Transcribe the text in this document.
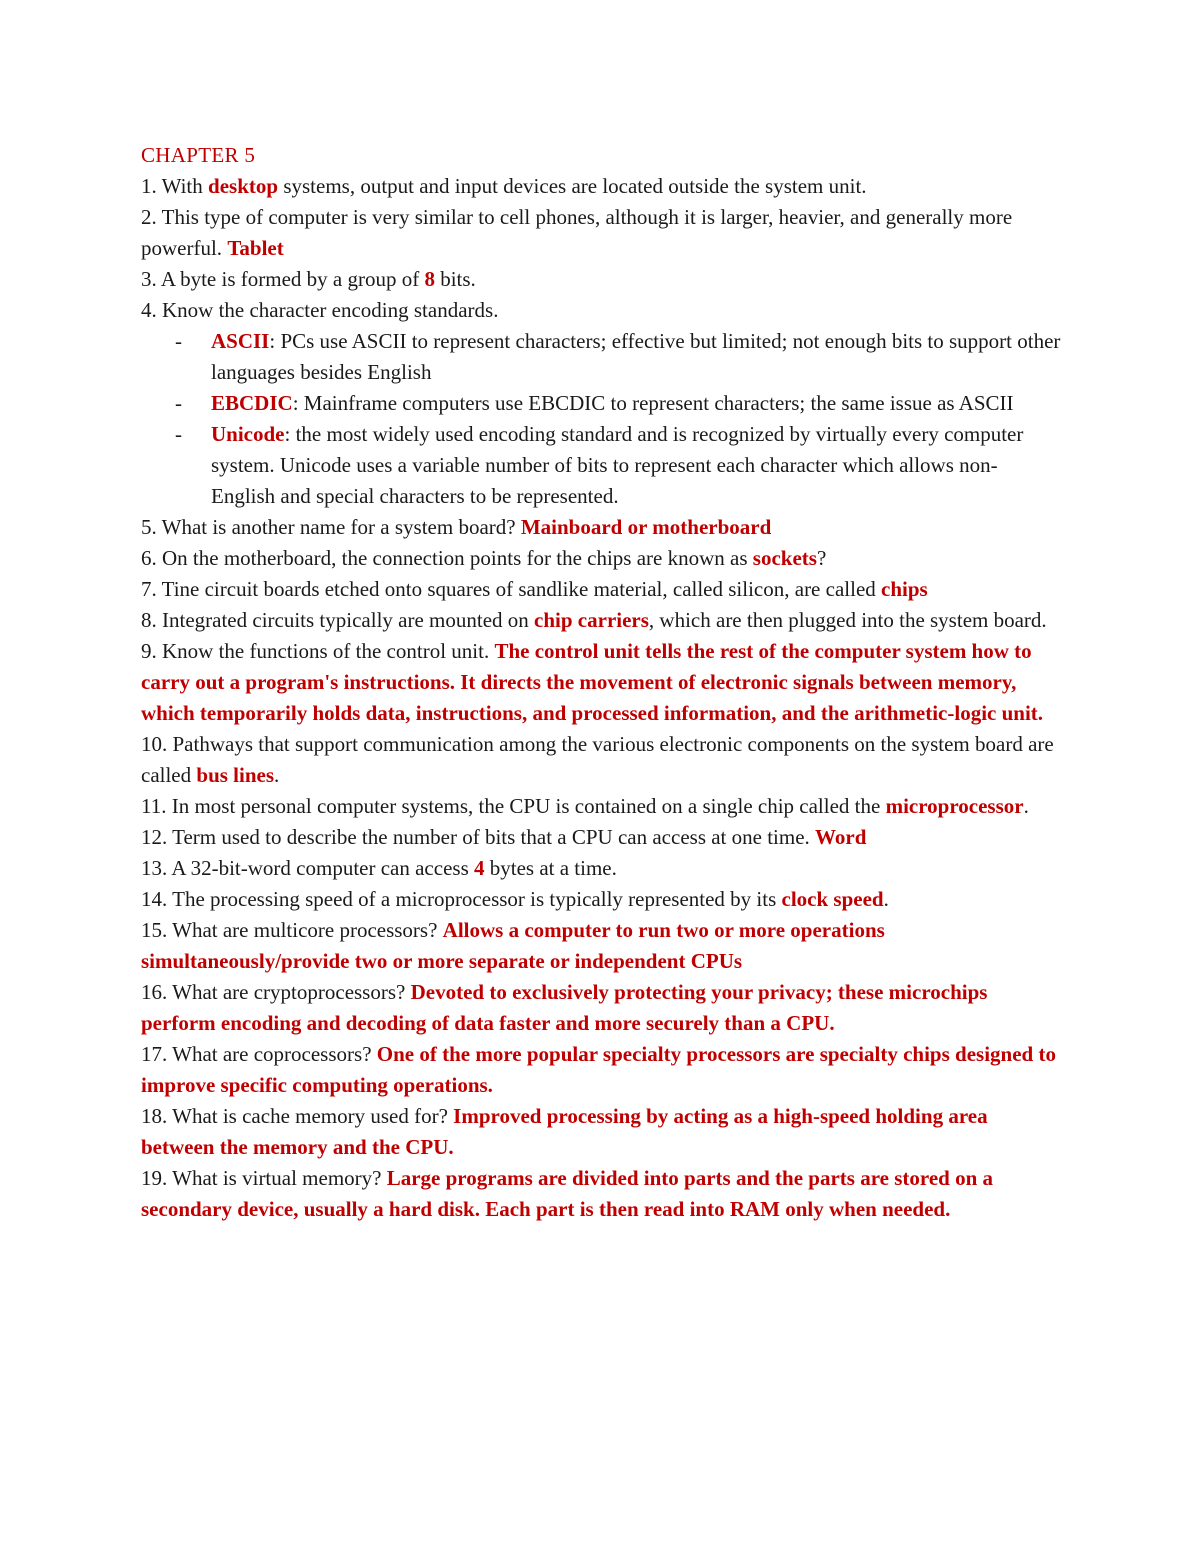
CHAPTER 5

1. With desktop systems, output and input devices are located outside the system unit.

2. This type of computer is very similar to cell phones, although it is larger, heavier, and generally more powerful. Tablet

3. A byte is formed by a group of 8 bits.

4. Know the character encoding standards.

- ASCII: PCs use ASCII to represent characters; effective but limited; not enough bits to support other languages besides English
- EBCDIC: Mainframe computers use EBCDIC to represent characters; the same issue as ASCII
- Unicode: the most widely used encoding standard and is recognized by virtually every computer system. Unicode uses a variable number of bits to represent each character which allows non-English and special characters to be represented.

5. What is another name for a system board? Mainboard or motherboard

6. On the motherboard, the connection points for the chips are known as sockets?

7. Tine circuit boards etched onto squares of sandlike material, called silicon, are called chips

8. Integrated circuits typically are mounted on chip carriers, which are then plugged into the system board.

9. Know the functions of the control unit. The control unit tells the rest of the computer system how to carry out a program's instructions. It directs the movement of electronic signals between memory, which temporarily holds data, instructions, and processed information, and the arithmetic-logic unit.

10. Pathways that support communication among the various electronic components on the system board are called bus lines.

11. In most personal computer systems, the CPU is contained on a single chip called the microprocessor.

12. Term used to describe the number of bits that a CPU can access at one time. Word

13. A 32-bit-word computer can access 4 bytes at a time.

14. The processing speed of a microprocessor is typically represented by its clock speed.

15. What are multicore processors? Allows a computer to run two or more operations simultaneously/provide two or more separate or independent CPUs

16. What are cryptoprocessors? Devoted to exclusively protecting your privacy; these microchips perform encoding and decoding of data faster and more securely than a CPU.

17. What are coprocessors? One of the more popular specialty processors are specialty chips designed to improve specific computing operations.

18. What is cache memory used for? Improved processing by acting as a high-speed holding area between the memory and the CPU.

19. What is virtual memory? Large programs are divided into parts and the parts are stored on a secondary device, usually a hard disk. Each part is then read into RAM only when needed.
